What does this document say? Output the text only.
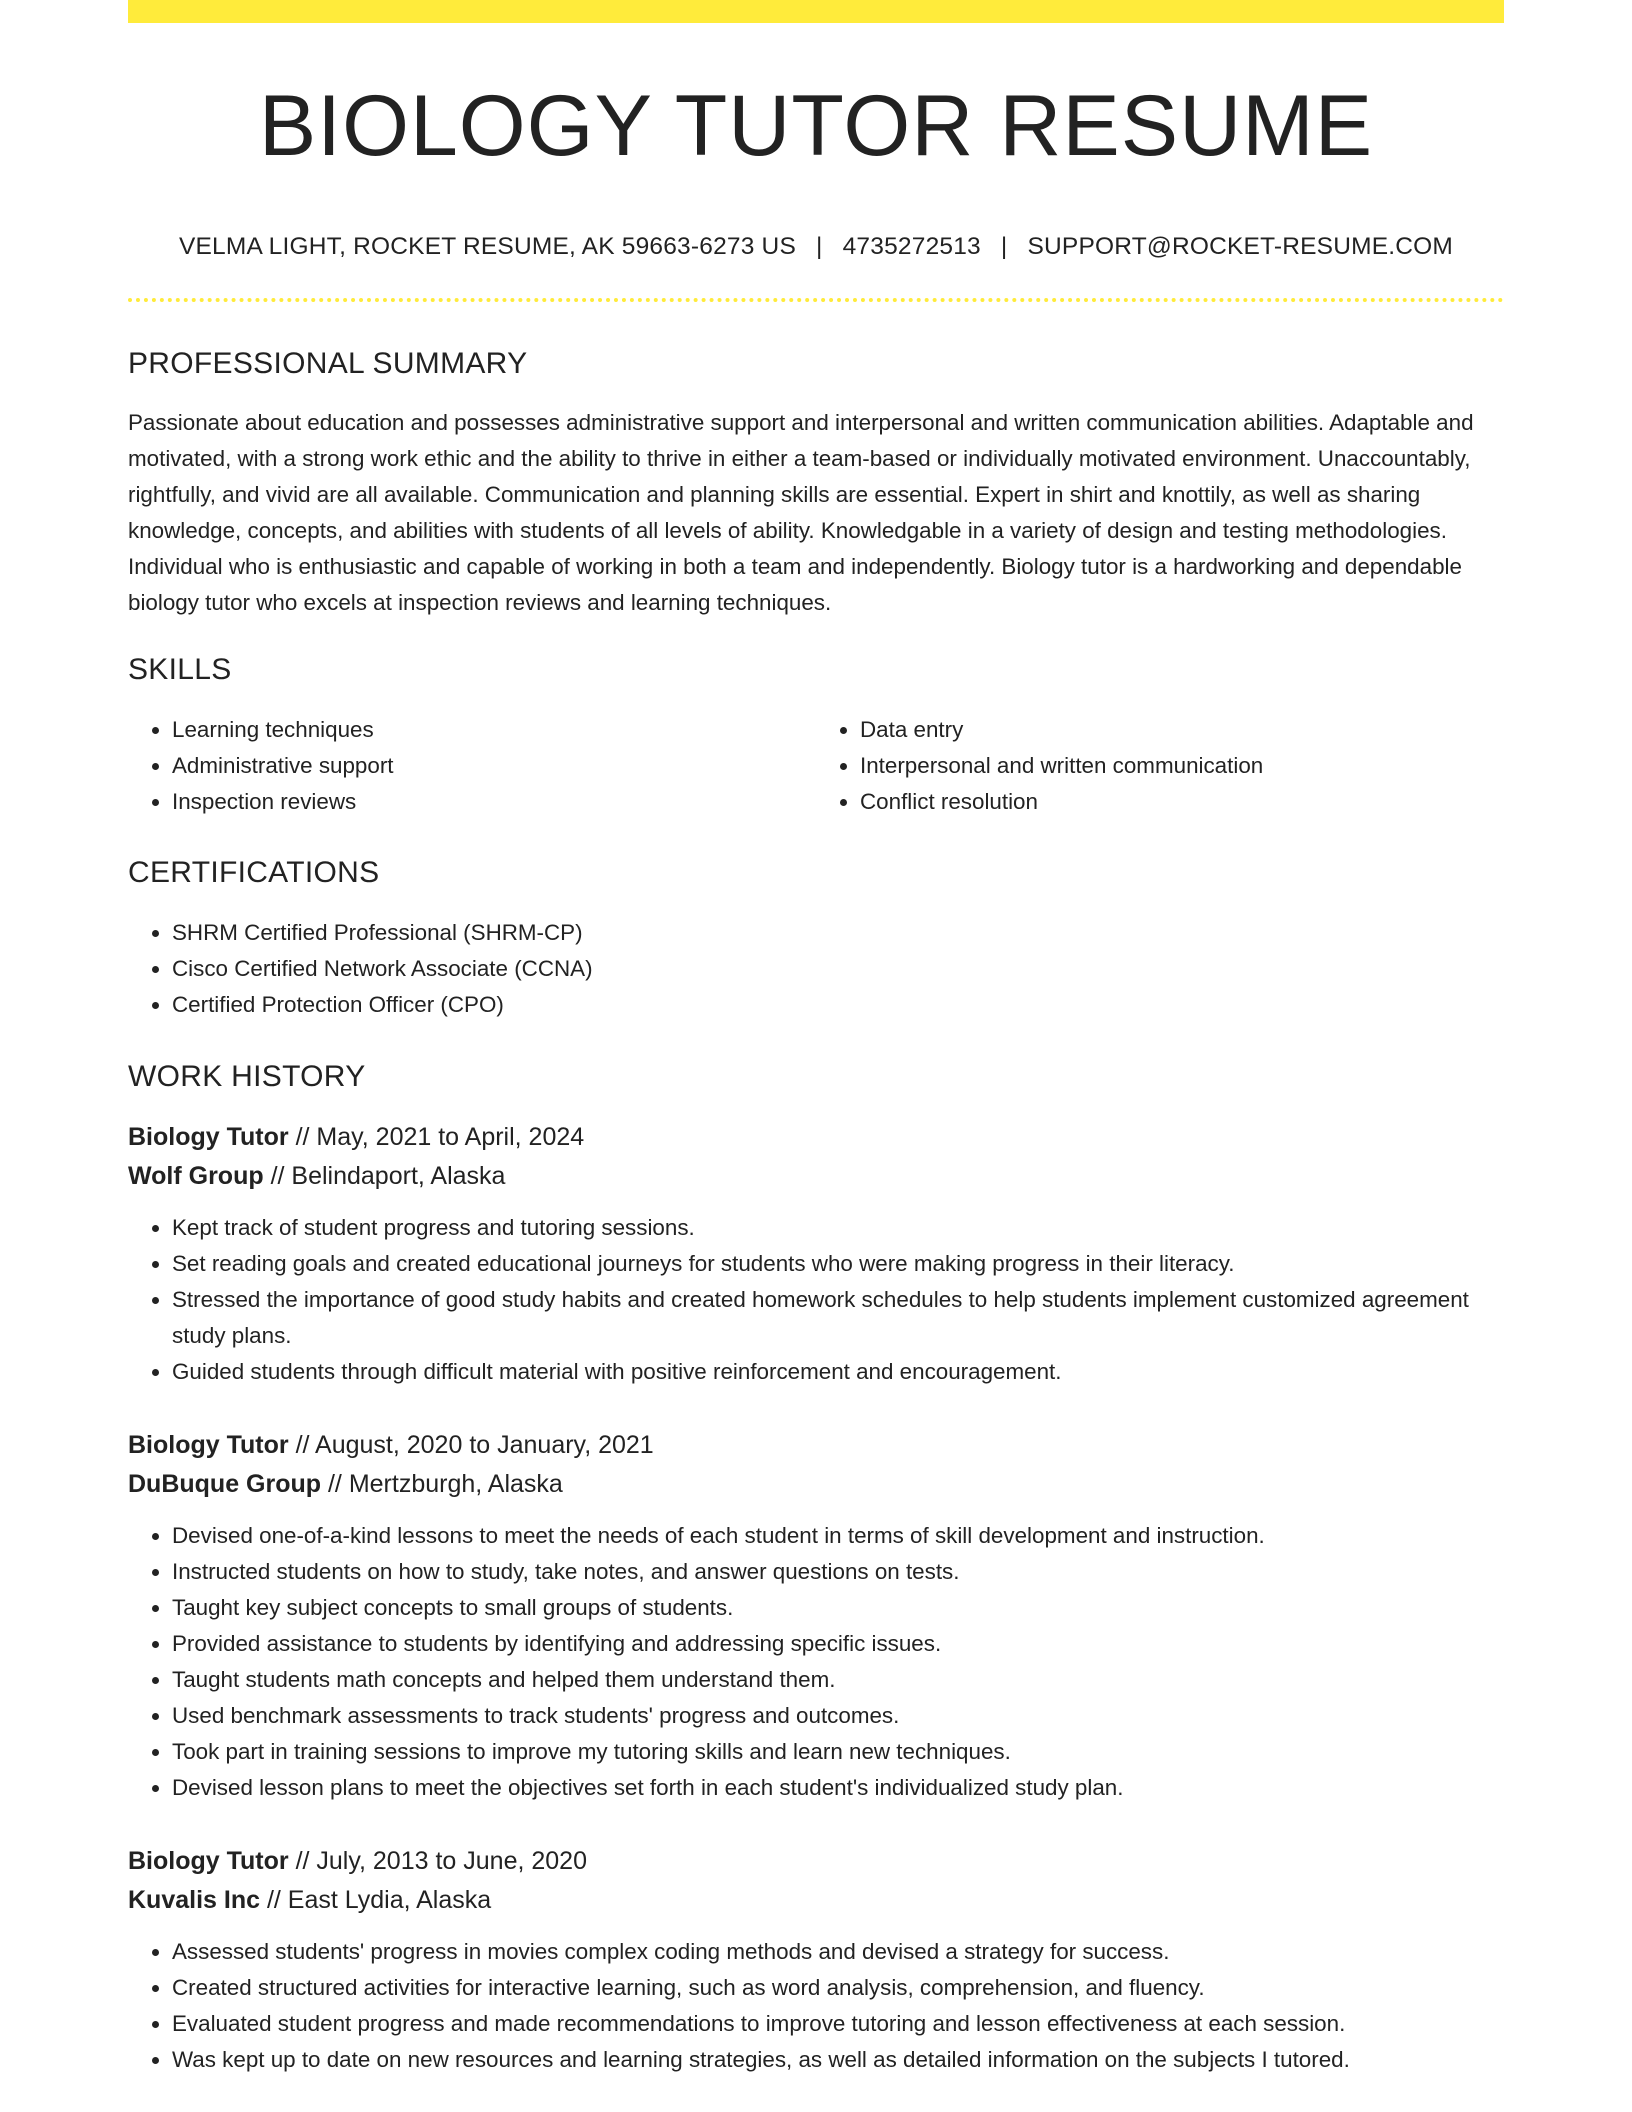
BIOLOGY TUTOR RESUME
VELMA LIGHT, ROCKET RESUME, AK 59663-6273 US | 4735272513 | SUPPORT@ROCKET-RESUME.COM
PROFESSIONAL SUMMARY

Passionate about education and possesses administrative support and interpersonal and written communication abilities. Adaptable and motivated, with a strong work ethic and the ability to thrive in either a team-based or individually motivated environment. Unaccountably, rightfully, and vivid are all available. Communication and planning skills are essential. Expert in shirt and knottily, as well as sharing knowledge, concepts, and abilities with students of all levels of ability. Knowledgable in a variety of design and testing methodologies. Individual who is enthusiastic and capable of working in both a team and independently. Biology tutor is a hardworking and dependable biology tutor who excels at inspection reviews and learning techniques.

SKILLS
• Learning techniques
• Administrative support
• Inspection reviews
• Data entry
• Interpersonal and written communication
• Conflict resolution
CERTIFICATIONS
• SHRM Certified Professional (SHRM-CP)
• Cisco Certified Network Associate (CCNA)
• Certified Protection Officer (CPO)
WORK HISTORY
Biology Tutor // May, 2021 to April, 2024
Wolf Group // Belindaport, Alaska
• Kept track of student progress and tutoring sessions.
• Set reading goals and created educational journeys for students who were making progress in their literacy.
• Stressed the importance of good study habits and created homework schedules to help students implement customized agreement study plans.
• Guided students through difficult material with positive reinforcement and encouragement.
Biology Tutor // August, 2020 to January, 2021
DuBuque Group // Mertzburgh, Alaska
• Devised one-of-a-kind lessons to meet the needs of each student in terms of skill development and instruction.
• Instructed students on how to study, take notes, and answer questions on tests.
• Taught key subject concepts to small groups of students.
• Provided assistance to students by identifying and addressing specific issues.
• Taught students math concepts and helped them understand them.
• Used benchmark assessments to track students' progress and outcomes.
• Took part in training sessions to improve my tutoring skills and learn new techniques.
• Devised lesson plans to meet the objectives set forth in each student's individualized study plan.
Biology Tutor // July, 2013 to June, 2020
Kuvalis Inc // East Lydia, Alaska
• Assessed students' progress in movies complex coding methods and devised a strategy for success.
• Created structured activities for interactive learning, such as word analysis, comprehension, and fluency.
• Evaluated student progress and made recommendations to improve tutoring and lesson effectiveness at each session.
• Was kept up to date on new resources and learning strategies, as well as detailed information on the subjects I tutored.
